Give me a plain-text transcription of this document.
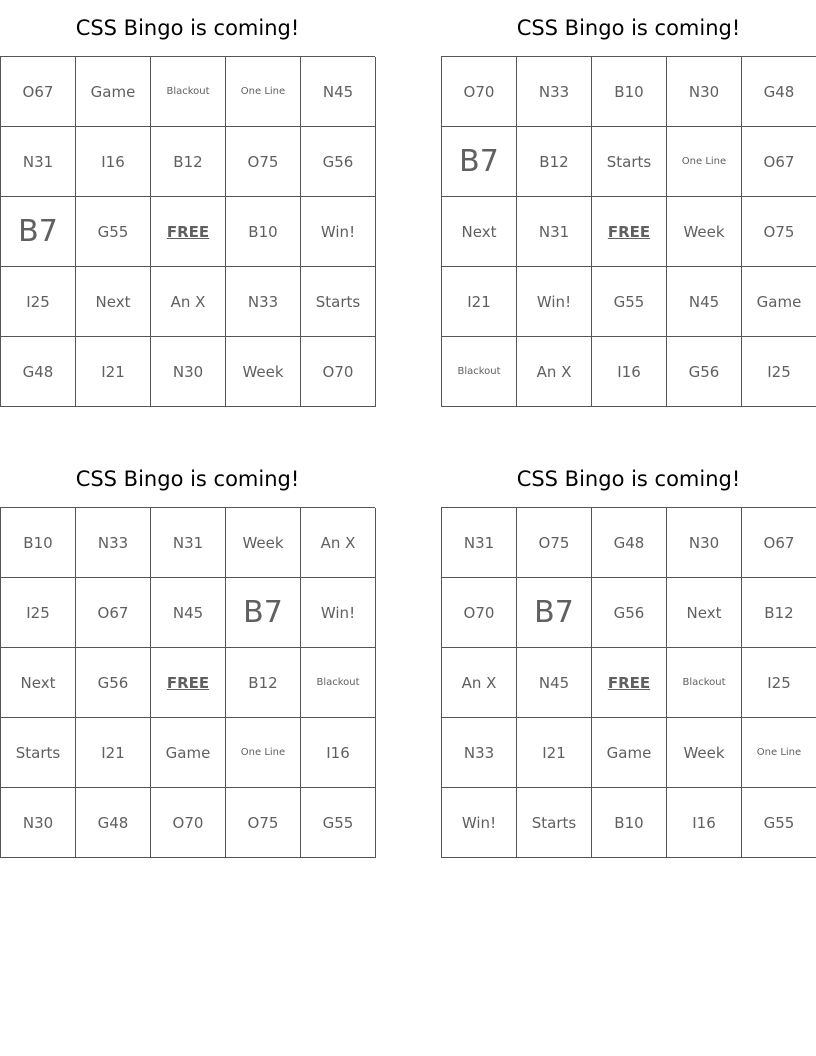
CSS Bingo is coming!
O67	Game	Blackout	One Line	N45
N31	I16	B12	O75	G56
B7	G55	FREE	B10	Win!
I25	Next	An X	N33	Starts
G48	I21	N30	Week	O70
CSS Bingo is coming!
O70	N33	B10	N30	G48
B7	B12	Starts	One Line	O67
Next	N31	FREE	Week	O75
I21	Win!	G55	N45	Game
Blackout	An X	I16	G56	I25
CSS Bingo is coming!
B10	N33	N31	Week	An X
I25	O67	N45	B7	Win!
Next	G56	FREE	B12	Blackout
Starts	I21	Game	One Line	I16
N30	G48	O70	O75	G55
CSS Bingo is coming!
N31	O75	G48	N30	O67
O70	B7	G56	Next	B12
An X	N45	FREE	Blackout	I25
N33	I21	Game	Week	One Line
Win!	Starts	B10	I16	G55
